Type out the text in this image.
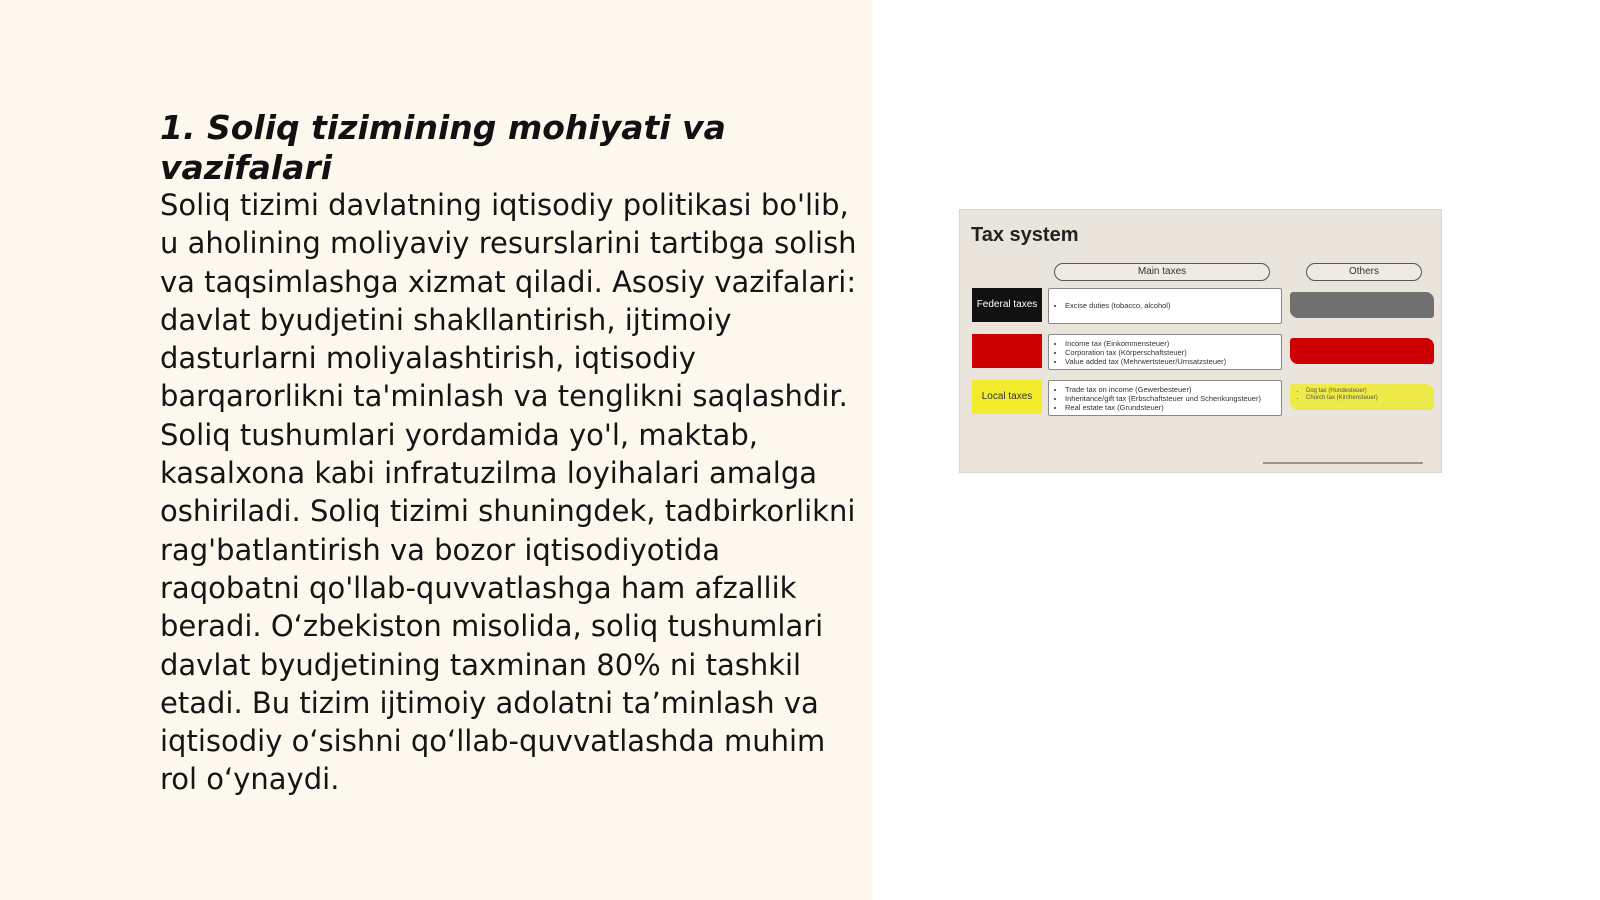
1. Soliq tizimining mohiyati va vazifalari

Soliq tizimi davlatning iqtisodiy politikasi bo'lib, u aholining moliyaviy resurslarini tartibga solish va taqsimlashga xizmat qiladi. Asosiy vazifalari: davlat byudjetini shakllantirish, ijtimoiy dasturlarni moliyalashtirish, iqtisodiy barqarorlikni ta'minlash va tenglikni saqlashdir. Soliq tushumlari yordamida yo'l, maktab, kasalxona kabi infratuzilma loyihalari amalga oshiriladi. Soliq tizimi shuningdek, tadbirkorlikni rag'batlantirish va bozor iqtisodiyotida raqobatni qo'llab-quvvatlashga ham afzallik beradi. Oʻzbekiston misolida, soliq tushumlari davlat byudjetining taxminan 80% ni tashkil etadi. Bu tizim ijtimoiy adolatni taʼminlash va iqtisodiy oʻsishni qoʻllab-quvvatlashda muhim rol oʻynaydi.

Tax system
Main taxes	Others
Federal taxes
•	Excise duties (tobacco, alcohol)
• Income tax (Einkommensteuer)
• Corporation tax (Körperschaftsteuer)
• Value added tax (Mehrwertsteuer/Umsatzsteuer)
Local taxes
• Trade tax on income (Gewerbesteuer)
• Inheritance/gift tax (Erbschaftsteuer und Schenkungsteuer)
• Real estate tax (Grundsteuer)
• Dog tax (Hundesteuer)
• Church tax (Kirchensteuer)
